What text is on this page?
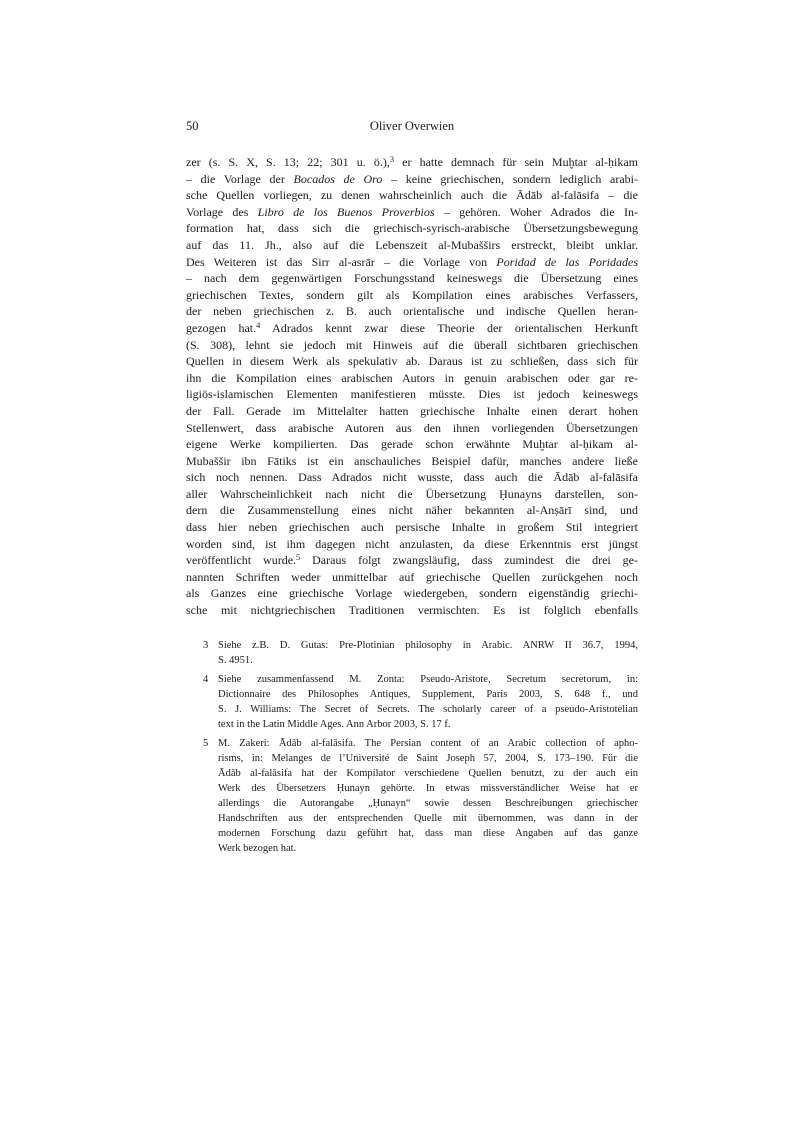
50	Oliver Overwien
zer (s. S. X, S. 13; 22; 301 u. ö.),$^3$ er hatte demnach für sein Muḫtar al-ḥikam
– die Vorlage der Bocados de Oro – keine griechischen, sondern lediglich arabi-
sche Quellen vorliegen, zu denen wahrscheinlich auch die Ādāb al-falāsifa – die
Vorlage des Libro de los Buenos Proverbios – gehören. Woher Adrados die In-
formation hat, dass sich die griechisch-syrisch-arabische Übersetzungsbewegung
auf das 11. Jh., also auf die Lebenszeit al-Mubašširs erstreckt, bleibt unklar.
Des Weiteren ist das Sirr al-asrār – die Vorlage von Poridad de las Poridades
– nach dem gegenwärtigen Forschungsstand keineswegs die Übersetzung eines
griechischen Textes, sondern gilt als Kompilation eines arabisches Verfassers,
der neben griechischen z. B. auch orientalische und indische Quellen heran-
gezogen hat.$^4$ Adrados kennt zwar diese Theorie der orientalischen Herkunft
(S. 308), lehnt sie jedoch mit Hinweis auf die überall sichtbaren griechischen
Quellen in diesem Werk als spekulativ ab. Daraus ist zu schließen, dass sich für
ihn die Kompilation eines arabischen Autors in genuin arabischen oder gar re-
ligiös-islamischen Elementen manifestieren müsste. Dies ist jedoch keineswegs
der Fall. Gerade im Mittelalter hatten griechische Inhalte einen derart hohen
Stellenwert, dass arabische Autoren aus den ihnen vorliegenden Übersetzungen
eigene Werke kompilierten. Das gerade schon erwähnte Muḫtar al-ḥikam al-
Mubaššir ibn Fātiks ist ein anschauliches Beispiel dafür, manches andere ließe
sich noch nennen. Dass Adrados nicht wusste, dass auch die Ādāb al-falāsifa
aller Wahrscheinlichkeit nach nicht die Übersetzung Ḥunayns darstellen, son-
dern die Zusammenstellung eines nicht näher bekannten al-Anṣārī sind, und
dass hier neben griechischen auch persische Inhalte in großem Stil integriert
worden sind, ist ihm dagegen nicht anzulasten, da diese Erkenntnis erst jüngst
veröffentlicht wurde.$^5$ Daraus folgt zwangsläufig, dass zumindest die drei ge-
nannten Schriften weder unmittelbar auf griechische Quellen zurückgehen noch
als Ganzes eine griechische Vorlage wiedergeben, sondern eigenständig griechi-
sche mit nichtgriechischen Traditionen vermischten. Es ist folglich ebenfalls
3 Siehe z.B. D. Gutas: Pre-Plotinian philosophy in Arabic. ANRW II 36.7, 1994,
S. 4951.
4 Siehe zusammenfassend M. Zonta: Pseudo-Aristote, Secretum secretorum, in:
Dictionnaire des Philosophes Antiques, Supplement, Paris 2003, S. 648 f., und
S. J. Williams: The Secret of Secrets. The scholarly career of a pseudo-Aristotelian
text in the Latin Middle Ages. Ann Arbor 2003, S. 17 f.
5 M. Zakeri: Ādāb al-falāsifa. The Persian content of an Arabic collection of apho-
risms, in: Melanges de l’Université de Saint Joseph 57, 2004, S. 173–190. Für die
Ādāb al-falāsifa hat der Kompilator verschiedene Quellen benutzt, zu der auch ein
Werk des Übersetzers Ḥunayn gehörte. In etwas missverständlicher Weise hat er
allerdings die Autorangabe „Ḥunayn“ sowie dessen Beschreibungen griechischer
Handschriften aus der entsprechenden Quelle mit übernommen, was dann in der
modernen Forschung dazu geführt hat, dass man diese Angaben auf das ganze
Werk bezogen hat.
